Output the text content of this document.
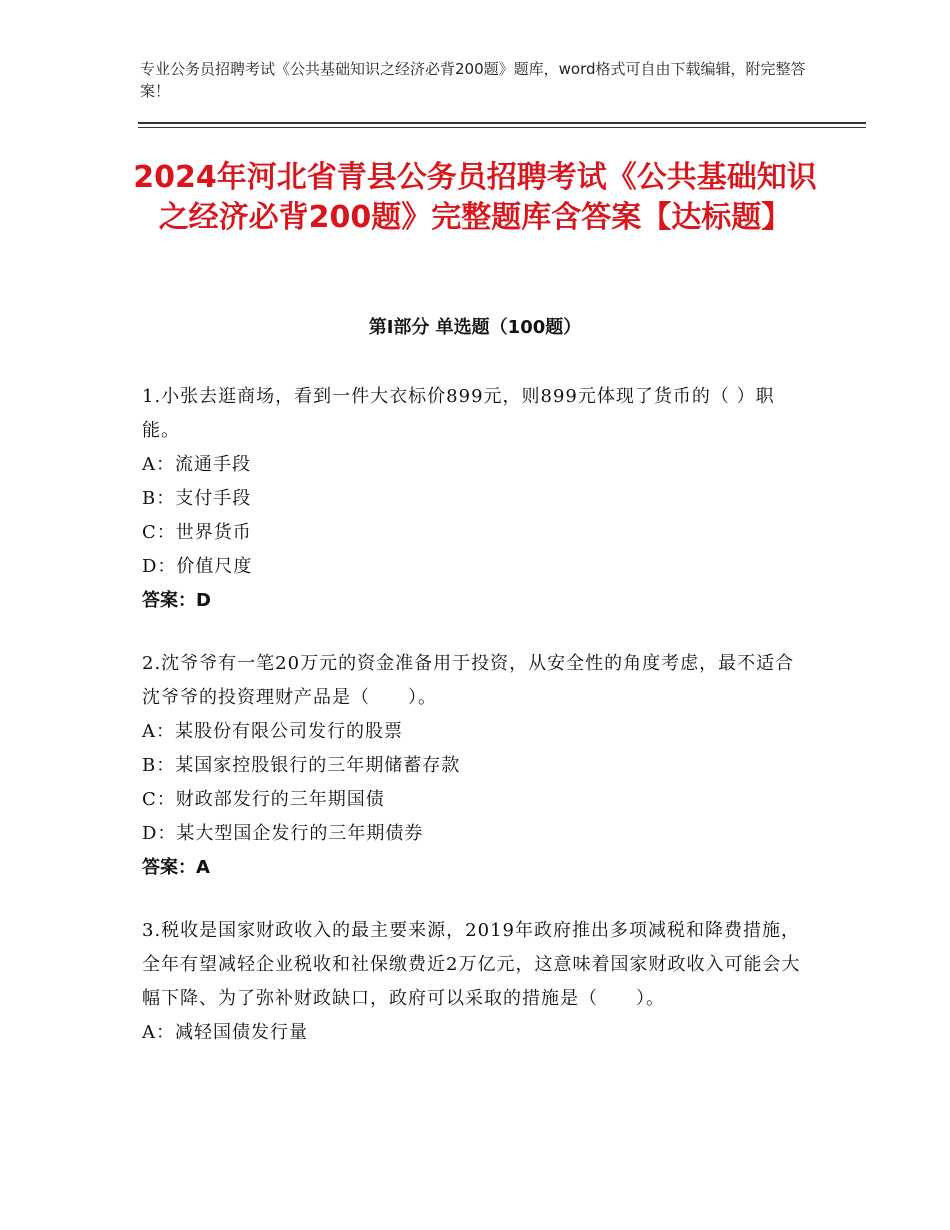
专业公务员招聘考试《公共基础知识之经济必背200题》题库，word格式可自由下载编辑，附完整答案！
2024年河北省青县公务员招聘考试《公共基础知识之经济必背200题》完整题库含答案【达标题】
第Ⅰ部分 单选题（100题）
1.小张去逛商场，看到一件大衣标价899元，则899元体现了货币的（ ）职能。
A：流通手段
B：支付手段
C：世界货币
D：价值尺度
答案：D
2.沈爷爷有一笔20万元的资金准备用于投资，从安全性的角度考虑，最不适合沈爷爷的投资理财产品是（　　）。
A：某股份有限公司发行的股票
B：某国家控股银行的三年期储蓄存款
C：财政部发行的三年期国债
D：某大型国企发行的三年期债券
答案：A
3.税收是国家财政收入的最主要来源，2019年政府推出多项减税和降费措施，全年有望减轻企业税收和社保缴费近2万亿元，这意味着国家财政收入可能会大幅下降、为了弥补财政缺口，政府可以采取的措施是（　　）。
A：减轻国债发行量
